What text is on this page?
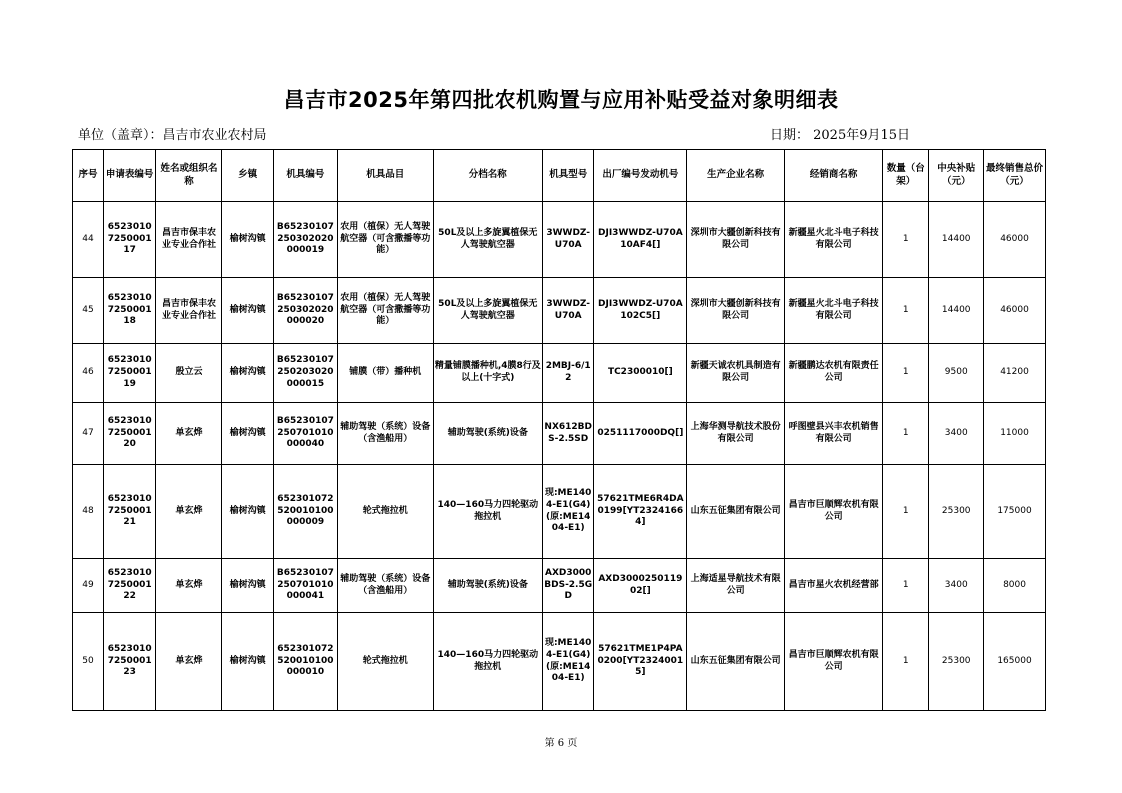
昌吉市2025年第四批农机购置与应用补贴受益对象明细表
单位（盖章）：昌吉市农业农村局	日期： 2025年9月15日
序号	申请表编号	姓名或组织名称	乡镇	机具编号	机具品目	分档名称	机具型号	出厂编号发动机号	生产企业名称	经销商名称	数量（台架）	中央补贴（元）	最终销售总价（元）
44	6523010725000117	昌吉市保丰农业专业合作社	榆树沟镇	B65230107250302020000019	农用（植保）无人驾驶航空器（可含撒播等功能）	50L及以上多旋翼植保无人驾驶航空器	3WWDZ-U70A	DJI3WWDZ-U70A10AF4[]	深圳市大疆创新科技有限公司	新疆星火北斗电子科技有限公司	1	14400	46000
45	6523010725000118	昌吉市保丰农业专业合作社	榆树沟镇	B65230107250302020000020	农用（植保）无人驾驶航空器（可含撒播等功能）	50L及以上多旋翼植保无人驾驶航空器	3WWDZ-U70A	DJI3WWDZ-U70A102C5[]	深圳市大疆创新科技有限公司	新疆星火北斗电子科技有限公司	1	14400	46000
46	6523010725000119	殷立云	榆树沟镇	B65230107250203020000015	铺膜（带）播种机	精量铺膜播种机,4膜8行及以上(十字式)	2MBJ-6/12	TC2300010[]	新疆天诚农机具制造有限公司	新疆鹏达农机有限责任公司	1	9500	41200
47	6523010725000120	单玄烨	榆树沟镇	B65230107250701010000040	辅助驾驶（系统）设备（含渔船用）	辅助驾驶(系统)设备	NX612BDS-2.5SD	0251117000DQ[]	上海华测导航技术股份有限公司	呼图壁县兴丰农机销售有限公司	1	3400	11000
48	6523010725000121	单玄烨	榆树沟镇	652301072520010100000009	轮式拖拉机	140—160马力四轮驱动拖拉机	现:ME1404-E1(G4)(原:ME1404-E1)	57621TME6R4DA0199[YT23241664]	山东五征集团有限公司	昌吉市巨顺辉农机有限公司	1	25300	175000
49	6523010725000122	单玄烨	榆树沟镇	B65230107250701010000041	辅助驾驶（系统）设备（含渔船用）	辅助驾驶(系统)设备	AXD3000BDS-2.5GD	AXD300025011902[]	上海适星导航技术有限公司	昌吉市星火农机经营部	1	3400	8000
50	6523010725000123	单玄烨	榆树沟镇	652301072520010100000010	轮式拖拉机	140—160马力四轮驱动拖拉机	现:ME1404-E1(G4)(原:ME1404-E1)	57621TME1P4PA0200[YT23240015]	山东五征集团有限公司	昌吉市巨顺辉农机有限公司	1	25300	165000
第 6 页
